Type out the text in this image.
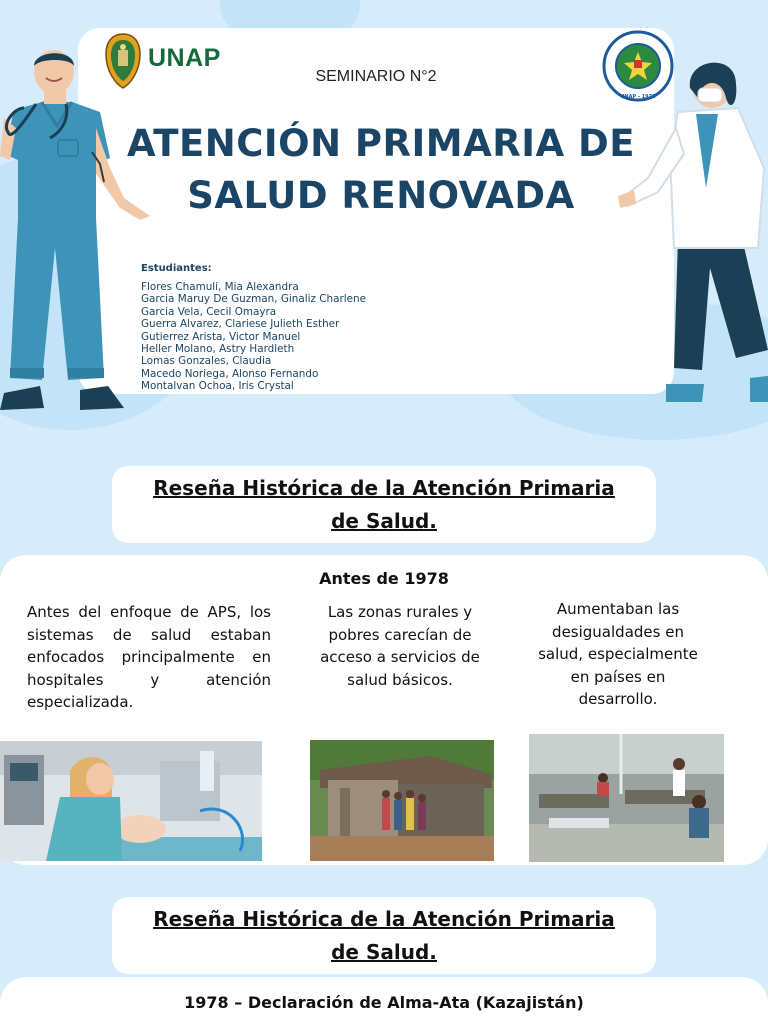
UNAP
UNAP - 1971
SEMINARIO N°2
ATENCIÓN PRIMARIA DE
SALUD RENOVADA
Estudiantes:
Flores Chamuli, Mia Alexandra
Garcia Maruy De Guzman, Ginaliz Charlene
Garcia Vela, Cecil Omayra
Guerra Alvarez, Clariese Julieth Esther
Gutierrez Arista, Victor Manuel
Heller Molano, Astry Hardleth
Lomas Gonzales, Claudia
Macedo Noriega, Alonso Fernando
Montalvan Ochoa, Iris Crystal
Reseña Histórica de la Atención Primaria
de Salud.
Antes de 1978
Antes del enfoque de APS, los sistemas de salud estaban enfocados principalmente en hospitales y atención especializada.
Las zonas rurales y pobres carecían de acceso a servicios de salud básicos.
Aumentaban las desigualdades en salud, especialmente en países en desarrollo.
Reseña Histórica de la Atención Primaria
de Salud.
1978 – Declaración de Alma-Ata (Kazajistán)
